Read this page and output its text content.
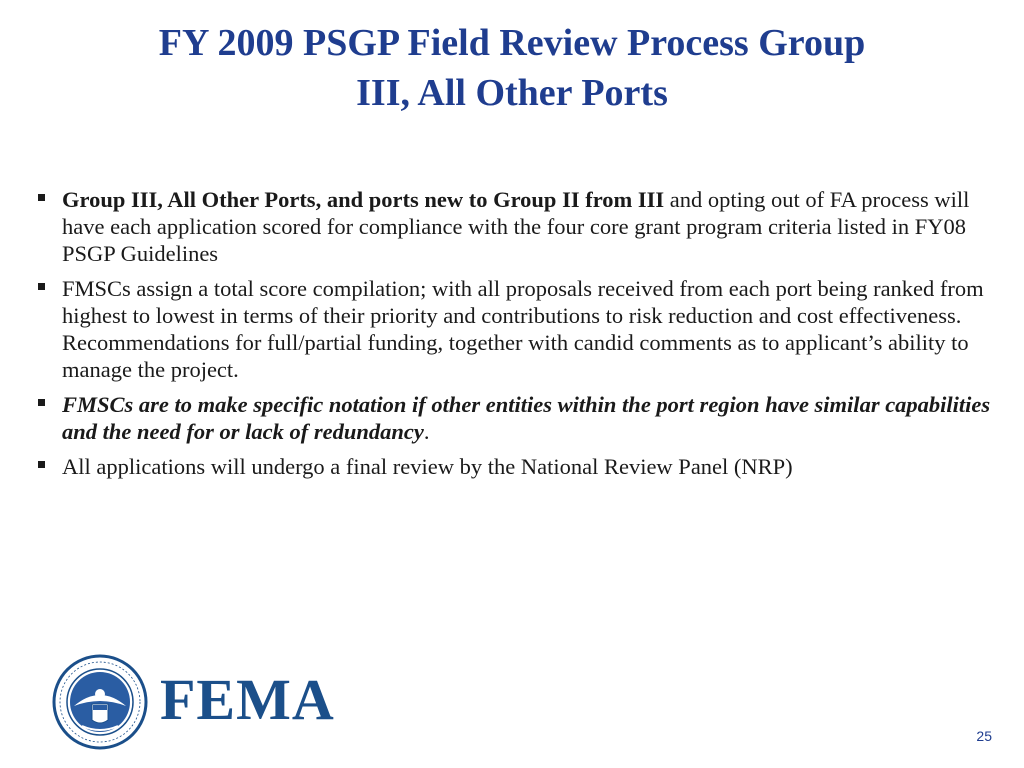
FY 2009 PSGP Field Review Process Group
III, All Other Ports
Group III, All Other Ports, and ports new to Group II from III and opting out of FA process will have each application scored for compliance with the four core grant program criteria listed in FY08 PSGP Guidelines
FMSCs assign a total score compilation; with all proposals received from each port being ranked from highest to lowest in terms of their priority and contributions to risk reduction and cost effectiveness. Recommendations for full/partial funding, together with candid comments as to applicant’s ability to manage the project.
FMSCs are to make specific notation if other entities within the port region have similar capabilities and the need for or lack of redundancy.
All applications will undergo a final review by the National Review Panel (NRP)
FEMA
25
